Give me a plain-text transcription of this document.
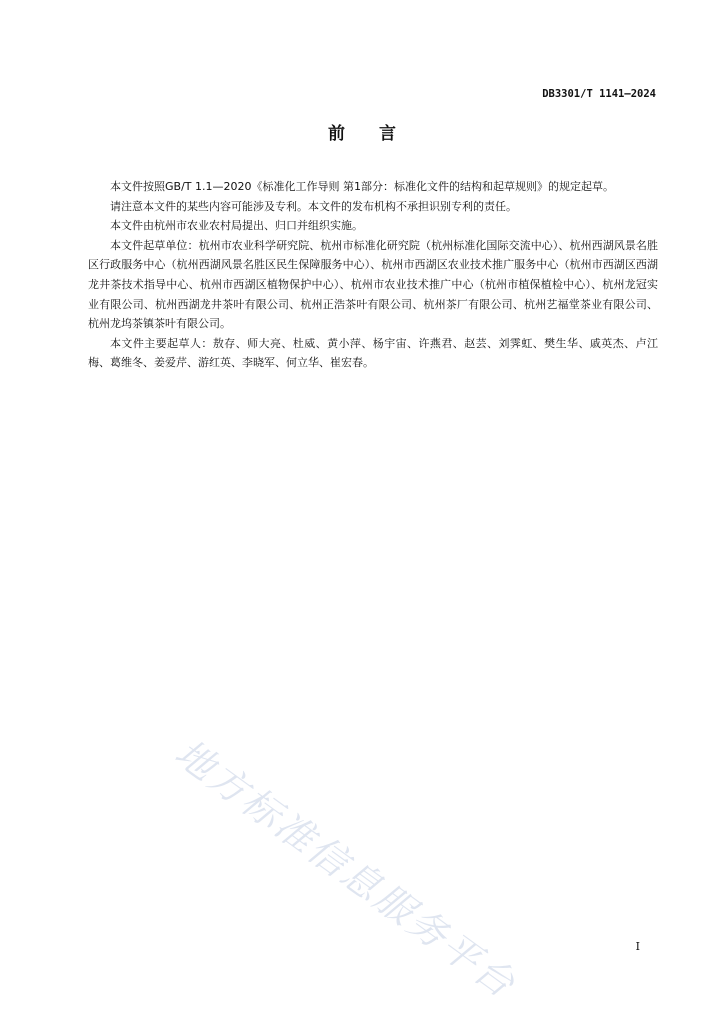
DB3301/T 1141—2024
前言

本文件按照GB/T 1.1—2020《标准化工作导则 第1部分：标准化文件的结构和起草规则》的规定起草。

请注意本文件的某些内容可能涉及专利。本文件的发布机构不承担识别专利的责任。

本文件由杭州市农业农村局提出、归口并组织实施。

本文件起草单位：杭州市农业科学研究院、杭州市标准化研究院（杭州标准化国际交流中心）、杭州西湖风景名胜区行政服务中心（杭州西湖风景名胜区民生保障服务中心）、杭州市西湖区农业技术推广服务中心（杭州市西湖区西湖龙井茶技术指导中心、杭州市西湖区植物保护中心）、杭州市农业技术推广中心（杭州市植保植检中心）、杭州龙冠实业有限公司、杭州西湖龙井茶叶有限公司、杭州正浩茶叶有限公司、杭州茶厂有限公司、杭州艺福堂茶业有限公司、杭州龙坞茶镇茶叶有限公司。

本文件主要起草人：敖存、师大亮、杜威、黄小萍、杨宇宙、许燕君、赵芸、刘霁虹、樊生华、戚英杰、卢江梅、葛维冬、姜爱芹、游红英、李晓军、何立华、崔宏春。

地方标准信息服务平台	I
